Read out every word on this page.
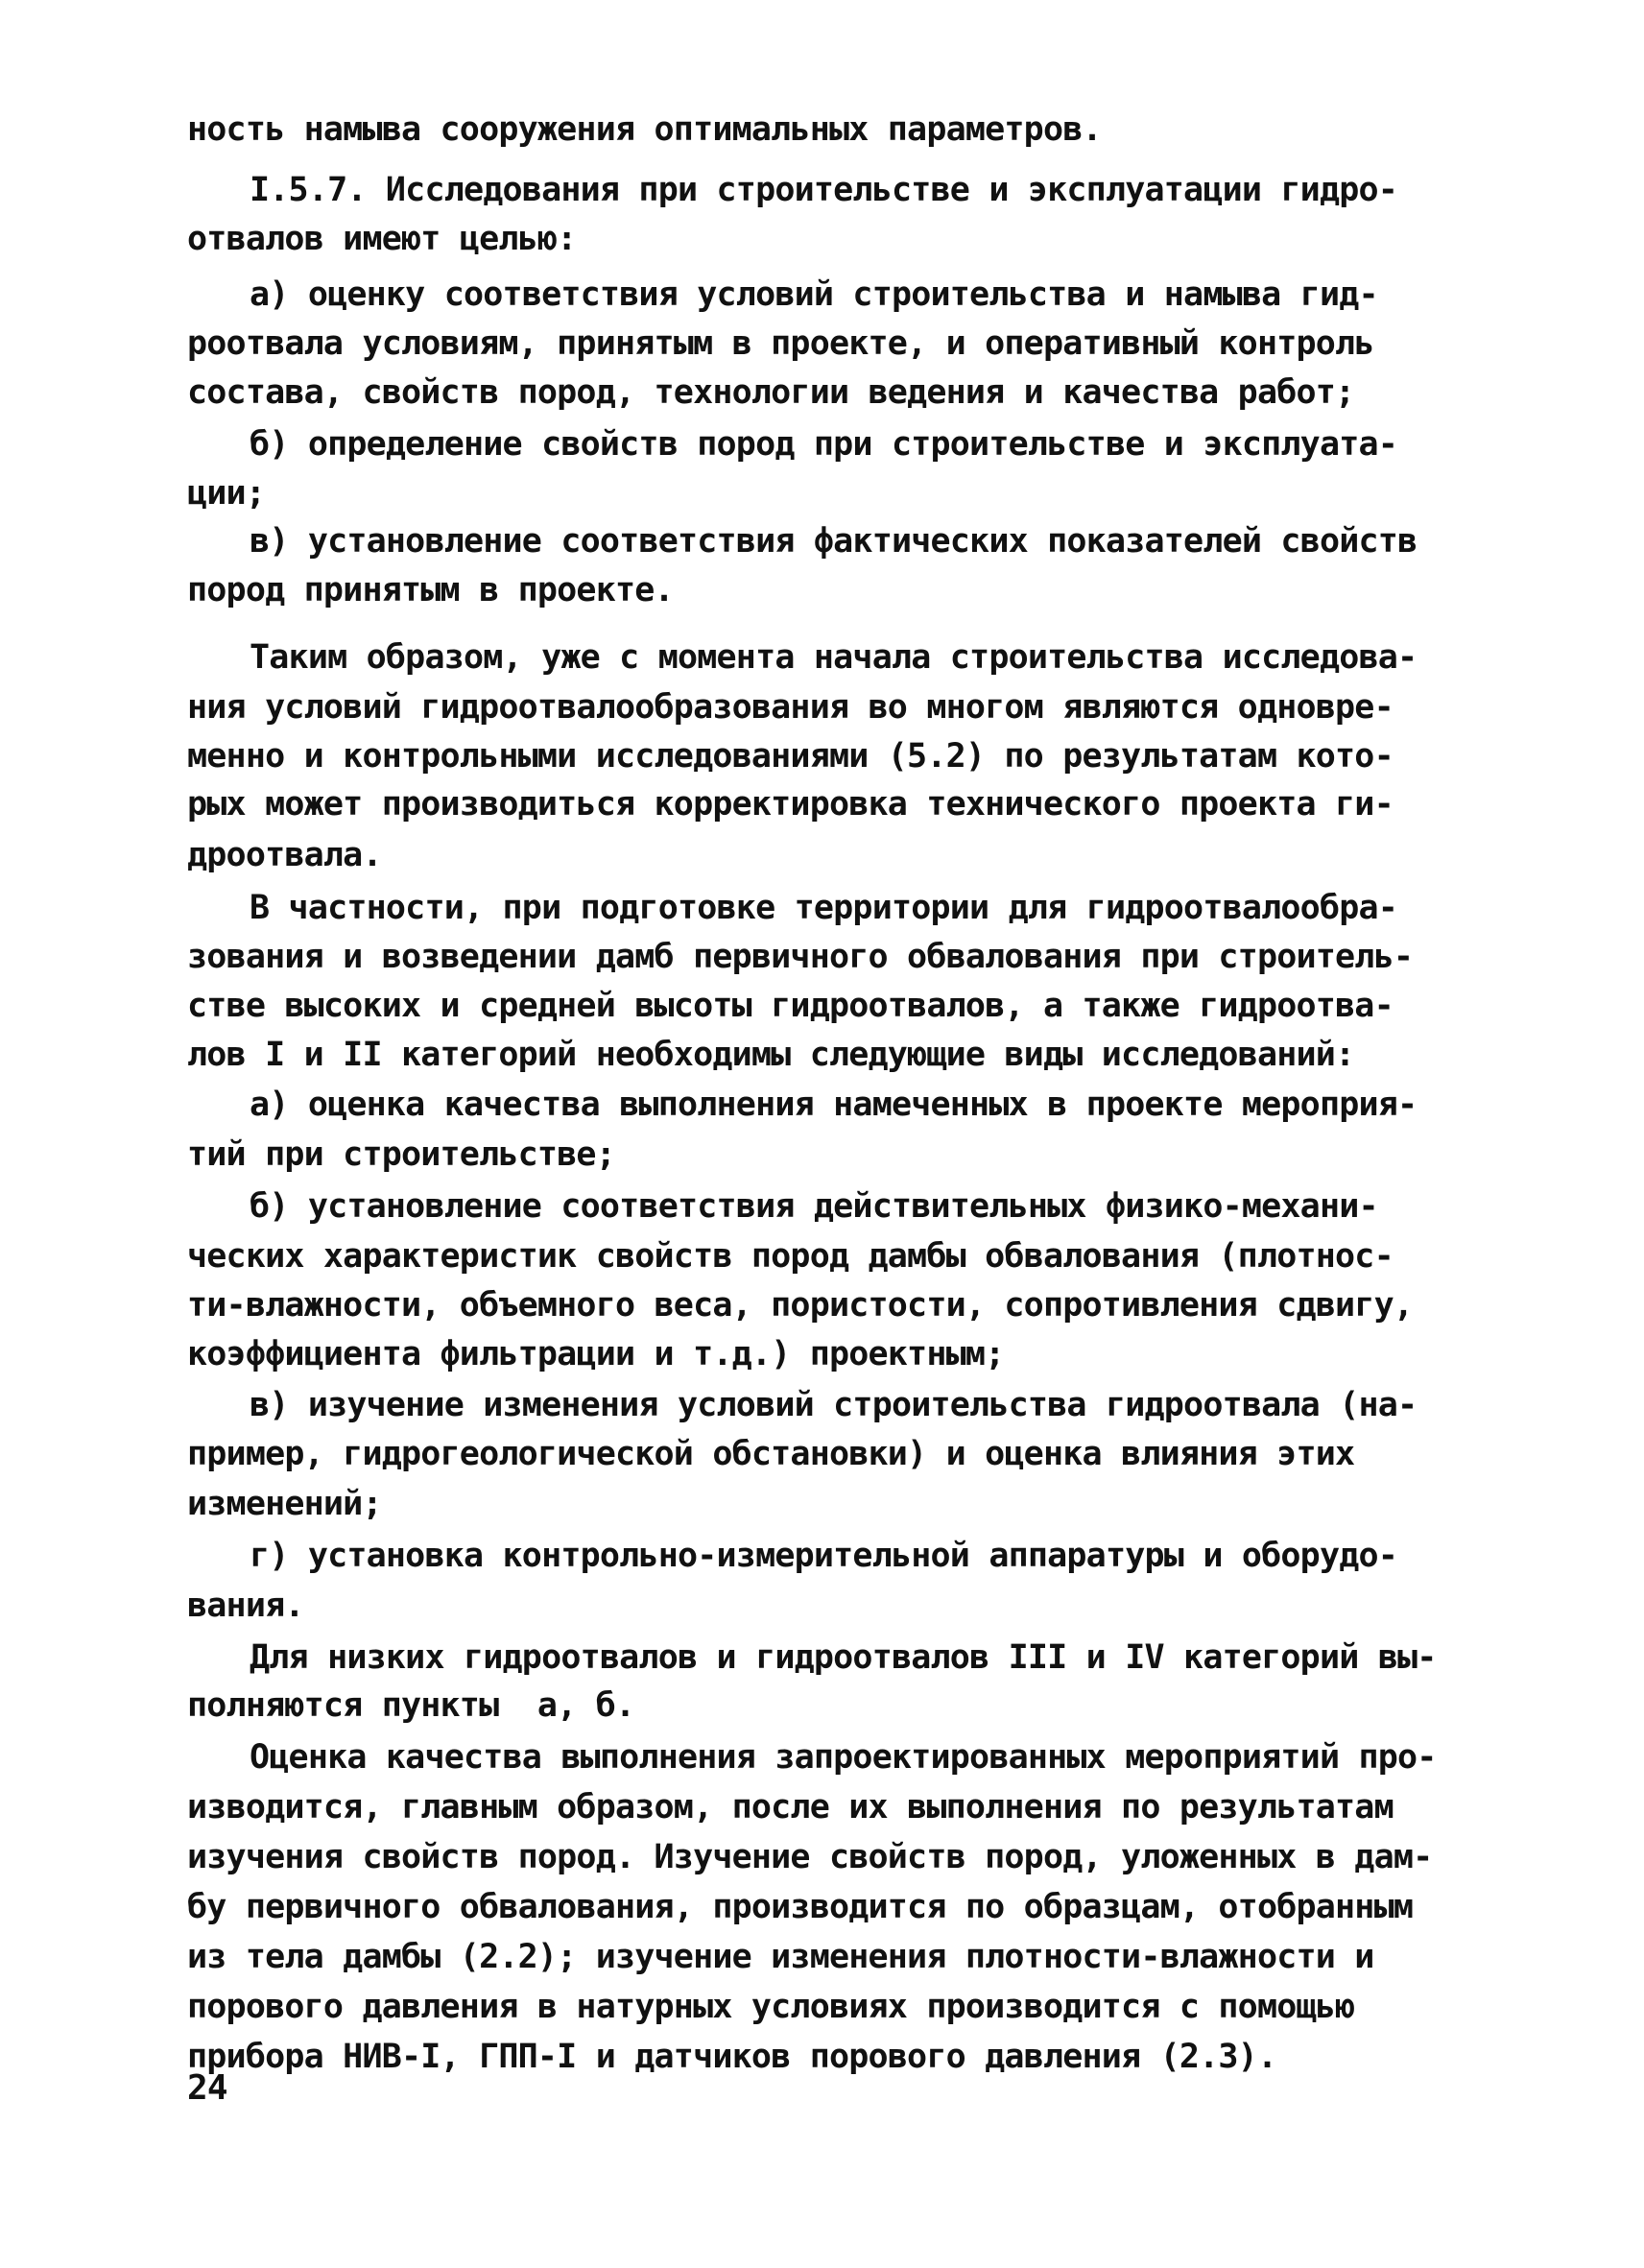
ность намыва сооружения оптимальных параметров.
I.5.7. Исследования при строительстве и эксплуатации гидро-
отвалов имеют целью:
а) оценку соответствия условий строительства и намыва гид-
роотвала условиям, принятым в проекте, и оперативный контроль
состава, свойств пород, технологии ведения и качества работ;
б) определение свойств пород при строительстве и эксплуата-
ции;
в) установление соответствия фактических показателей свойств
пород принятым в проекте.
Таким образом, уже с момента начала строительства исследова-
ния условий гидроотвалообразования во многом являются одновре-
менно и контрольными исследованиями (5.2) по результатам кото-
рых может производиться корректировка технического проекта ги-
дроотвала.
В частности, при подготовке территории для гидроотвалообра-
зования и возведении дамб первичного обвалования при строитель-
стве высоких и средней высоты гидроотвалов, а также гидроотва-
лов I и II категорий необходимы следующие виды исследований:
а) оценка качества выполнения намеченных в проекте мероприя-
тий при строительстве;
б) установление соответствия действительных физико-механи-
ческих характеристик свойств пород дамбы обвалования (плотнос-
ти-влажности, объемного веса, пористости, сопротивления сдвигу,
коэффициента фильтрации и т.д.) проектным;
в) изучение изменения условий строительства гидроотвала (на-
пример, гидрогеологической обстановки) и оценка влияния этих
изменений;
г) установка контрольно-измерительной аппаратуры и оборудо-
вания.
Для низких гидроотвалов и гидроотвалов III и IV категорий вы-
полняются пункты  а, б.
Оценка качества выполнения запроектированных мероприятий про-
изводится, главным образом, после их выполнения по результатам
изучения свойств пород. Изучение свойств пород, уложенных в дам-
бу первичного обвалования, производится по образцам, отобранным
из тела дамбы (2.2); изучение изменения плотности-влажности и
порового давления в натурных условиях производится с помощью
прибора НИВ-I, ГПП-I и датчиков порового давления (2.3).
24
